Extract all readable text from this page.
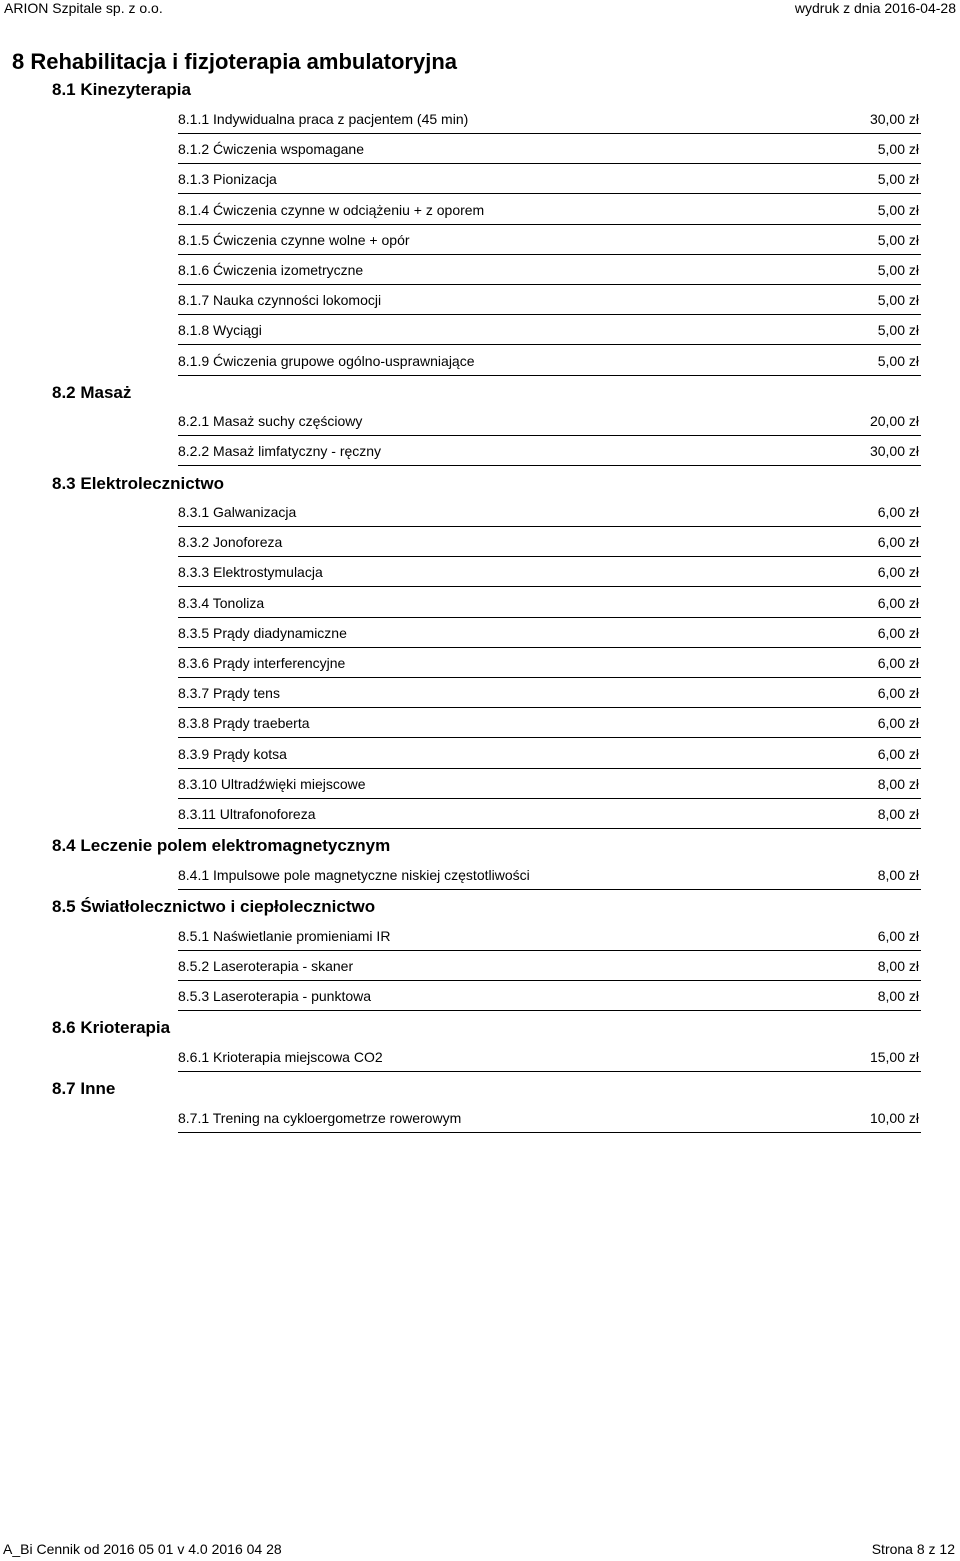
ARION Szpitale sp. z o.o.	wydruk z dnia 2016-04-28
8 Rehabilitacja i fizjoterapia ambulatoryjna
8.1 Kinezyterapia
8.1.1 Indywidualna praca z pacjentem (45 min)	30,00 zł
8.1.2 Ćwiczenia wspomagane	5,00 zł
8.1.3 Pionizacja	5,00 zł
8.1.4 Ćwiczenia czynne w odciążeniu + z oporem	5,00 zł
8.1.5 Ćwiczenia czynne wolne + opór	5,00 zł
8.1.6 Ćwiczenia izometryczne	5,00 zł
8.1.7 Nauka czynności lokomocji	5,00 zł
8.1.8 Wyciągi	5,00 zł
8.1.9 Ćwiczenia grupowe ogólno-usprawniające	5,00 zł
8.2 Masaż
8.2.1 Masaż suchy częściowy	20,00 zł
8.2.2 Masaż limfatyczny - ręczny	30,00 zł
8.3 Elektrolecznictwo
8.3.1 Galwanizacja	6,00 zł
8.3.2 Jonoforeza	6,00 zł
8.3.3 Elektrostymulacja	6,00 zł
8.3.4 Tonoliza	6,00 zł
8.3.5 Prądy diadynamiczne	6,00 zł
8.3.6 Prądy interferencyjne	6,00 zł
8.3.7 Prądy tens	6,00 zł
8.3.8 Prądy traeberta	6,00 zł
8.3.9 Prądy kotsa	6,00 zł
8.3.10 Ultradźwięki miejscowe	8,00 zł
8.3.11 Ultrafonoforeza	8,00 zł
8.4 Leczenie polem elektromagnetycznym
8.4.1 Impulsowe pole magnetyczne niskiej częstotliwości	8,00 zł
8.5 Światłolecznictwo i ciepłolecznictwo
8.5.1 Naświetlanie promieniami IR	6,00 zł
8.5.2 Laseroterapia - skaner	8,00 zł
8.5.3 Laseroterapia - punktowa	8,00 zł
8.6 Krioterapia
8.6.1 Krioterapia miejscowa CO2	15,00 zł
8.7 Inne
8.7.1 Trening na cykloergometrze rowerowym	10,00 zł
A_Bi Cennik od 2016 05 01 v 4.0 2016 04 28	Strona 8 z 12
